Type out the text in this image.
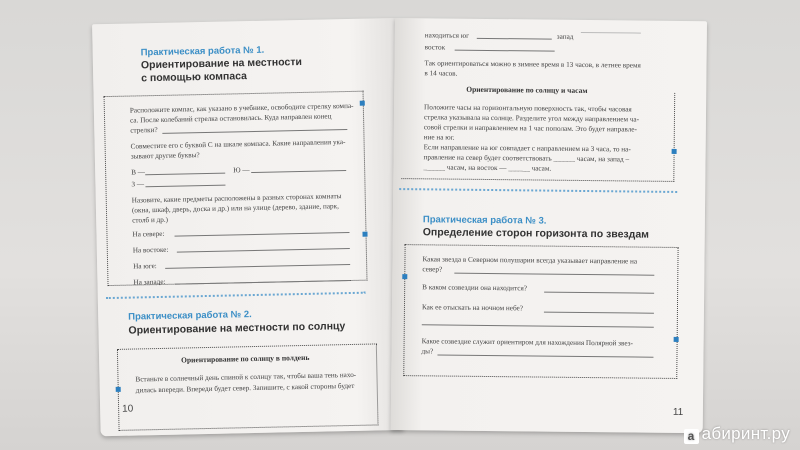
Практическая работа № 1.
Ориентирование на местности
с помощью компаса
Расположите компас, как указано в учебнике, освободите стрелку компа-
са. После колебаний стрелка остановилась. Куда направлен конец
стрелки?
Совместите его с буквой С на шкале компаса. Какие направления ука-
зывают другие буквы?
В —	Ю —
З —
Назовите, какие предметы расположены в разных сторонах комнаты
(окна, шкаф, дверь, доска и др.) или на улице (дерево, здание, парк,
столб и др.)
На севере:
На востоке:
На юге:
На западе:
Практическая работа № 2.
Ориентирование на местности по солнцу
Ориентирование по солнцу в полдень
Встаньте в солнечный день спиной к солнцу так, чтобы ваша тень нахо-
дилась впереди. Впереди будет север. Запишите, с какой стороны будет
10
находиться юг	запад
восток
Так ориентироваться можно в зимнее время в 13 часов, в летнее время
в 14 часов.
Ориентирование по солнцу и часам
Положите часы на горизонтальную поверхность так, чтобы часовая
стрелка указывала на солнце. Разделите угол между направлением ча-
совой стрелки и направлением на 1 час пополам. Это будет направле-
ние на юг.
Если направление на юг совпадает с направлением на 3 часа, то на-
правление на север будет соответствовать ______ часам, на запад –
______ часам, на восток — ______ часам.
Практическая работа № 3.
Определение сторон горизонта по звездам
Какая звезда в Северном полушарии всегда указывает направление на
север?
В каком созвездии она находится?
Как ее отыскать на ночном небе?
Какое созвездие служит ориентиром для нахождения Полярной звез-
ды?
11
а абиринт.ру
